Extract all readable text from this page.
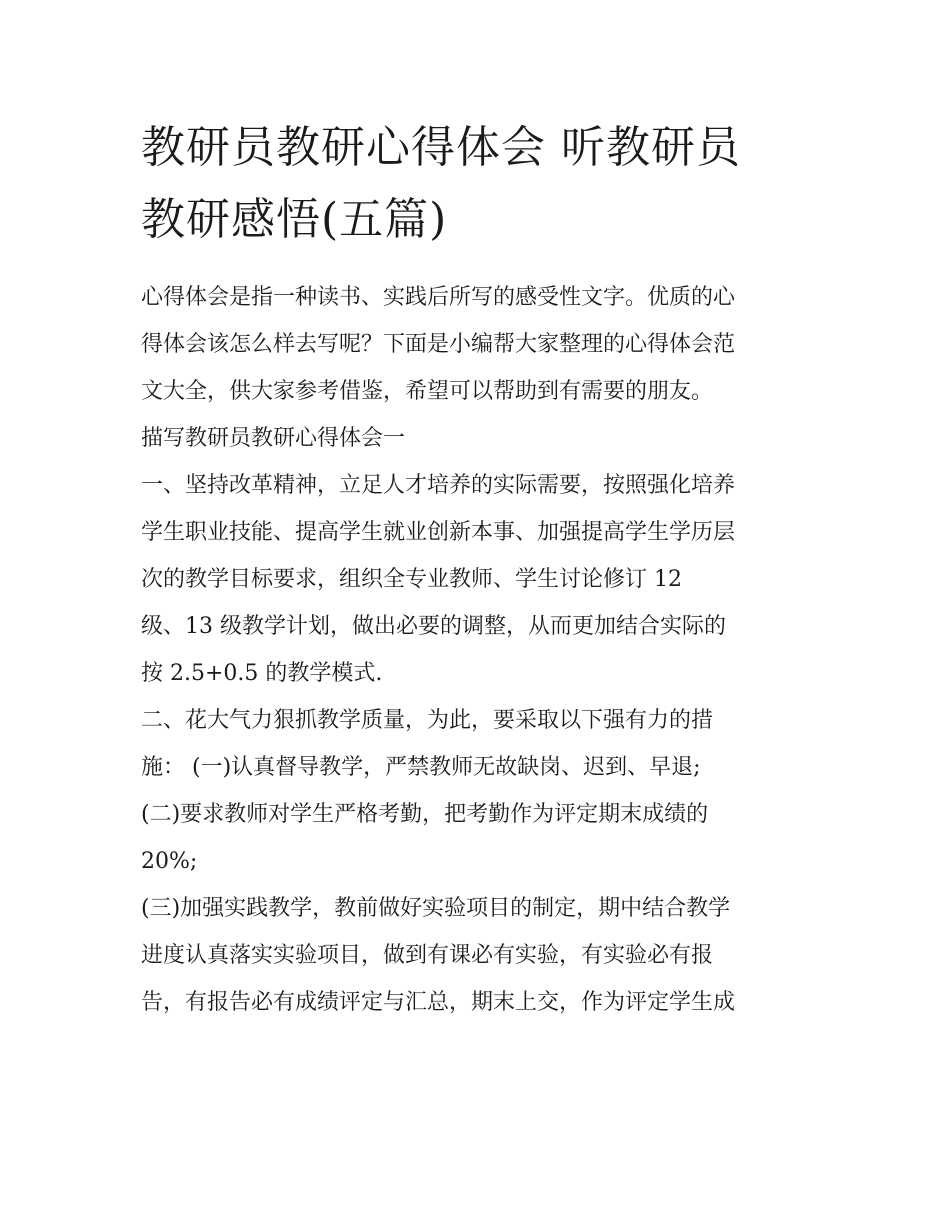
教研员教研心得体会 听教研员
教研感悟(五篇)

心得体会是指一种读书、实践后所写的感受性文字。优质的心

得体会该怎么样去写呢？下面是小编帮大家整理的心得体会范

文大全，供大家参考借鉴，希望可以帮助到有需要的朋友。

描写教研员教研心得体会一

一、坚持改革精神，立足人才培养的实际需要，按照强化培养

学生职业技能、提高学生就业创新本事、加强提高学生学历层

次的教学目标要求，组织全专业教师、学生讨论修订 12

级、13 级教学计划，做出必要的调整，从而更加结合实际的

按 2.5+0.5 的教学模式.

二、花大气力狠抓教学质量，为此，要采取以下强有力的措

施： (一)认真督导教学，严禁教师无故缺岗、迟到、早退;

(二)要求教师对学生严格考勤，把考勤作为评定期末成绩的

20%;

(三)加强实践教学，教前做好实验项目的制定，期中结合教学

进度认真落实实验项目，做到有课必有实验，有实验必有报

告，有报告必有成绩评定与汇总，期末上交，作为评定学生成
